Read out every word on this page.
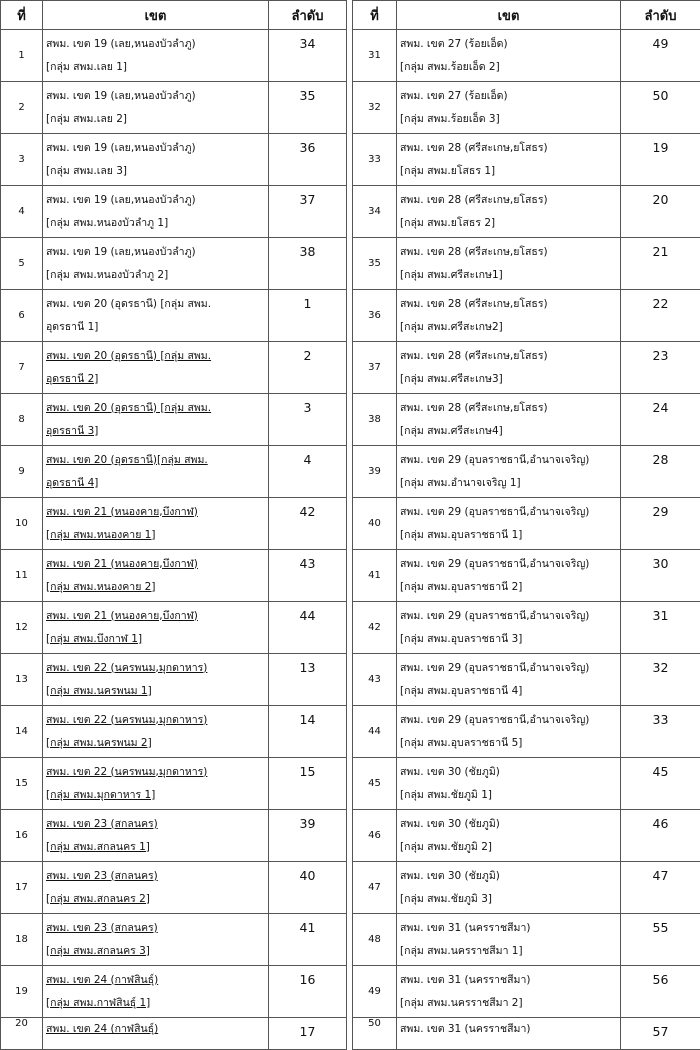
ที่	เขต	ลำดับ
1	สพม. เขต 19 (เลย,หนองบัวลำภู)
[กลุ่ม สพม.เลย 1]	34
2	สพม. เขต 19 (เลย,หนองบัวลำภู)
[กลุ่ม สพม.เลย 2]	35
3	สพม. เขต 19 (เลย,หนองบัวลำภู)
[กลุ่ม สพม.เลย 3]	36
4	สพม. เขต 19 (เลย,หนองบัวลำภู)
[กลุ่ม สพม.หนองบัวลำภู 1]	37
5	สพม. เขต 19 (เลย,หนองบัวลำภู)
[กลุ่ม สพม.หนองบัวลำภู 2]	38
6	สพม. เขต 20 (อุดรธานี) [กลุ่ม สพม.
อุดรธานี 1]	1
7	สพม. เขต 20 (อุดรธานี) [กลุ่ม สพม.
อุดรธานี 2]	2
8	สพม. เขต 20 (อุดรธานี) [กลุ่ม สพม.
อุดรธานี 3]	3
9	สพม. เขต 20 (อุดรธานี)[กลุ่ม สพม.
อุดรธานี 4]	4
10	สพม. เขต 21 (หนองคาย,บึงกาฬ)
[กลุ่ม สพม.หนองคาย 1]	42
11	สพม. เขต 21 (หนองคาย,บึงกาฬ)
[กลุ่ม สพม.หนองคาย 2]	43
12	สพม. เขต 21 (หนองคาย,บึงกาฬ)
[กลุ่ม สพม.บึงกาฬ 1]	44
13	สพม. เขต 22 (นครพนม,มุกดาหาร)
[กลุ่ม สพม.นครพนม 1]	13
14	สพม. เขต 22 (นครพนม,มุกดาหาร)
[กลุ่ม สพม.นครพนม 2]	14
15	สพม. เขต 22 (นครพนม,มุกดาหาร)
[กลุ่ม สพม.มุกดาหาร 1]	15
16	สพม. เขต 23 (สกลนคร)
[กลุ่ม สพม.สกลนคร 1]	39
17	สพม. เขต 23 (สกลนคร)
[กลุ่ม สพม.สกลนคร 2]	40
18	สพม. เขต 23 (สกลนคร)
[กลุ่ม สพม.สกลนคร 3]	41
19	สพม. เขต 24 (กาฬสินธุ์)
[กลุ่ม สพม.กาฬสินธุ์ 1]	16
20	สพม. เขต 24 (กาฬสินธุ์)	17
ที่	เขต	ลำดับ
31	สพม. เขต 27 (ร้อยเอ็ด)
[กลุ่ม สพม.ร้อยเอ็ด 2]	49
32	สพม. เขต 27 (ร้อยเอ็ด)
[กลุ่ม สพม.ร้อยเอ็ด 3]	50
33	สพม. เขต 28 (ศรีสะเกษ,ยโสธร)
[กลุ่ม สพม.ยโสธร 1]	19
34	สพม. เขต 28 (ศรีสะเกษ,ยโสธร)
[กลุ่ม สพม.ยโสธร 2]	20
35	สพม. เขต 28 (ศรีสะเกษ,ยโสธร)
[กลุ่ม สพม.ศรีสะเกษ1]	21
36	สพม. เขต 28 (ศรีสะเกษ,ยโสธร)
[กลุ่ม สพม.ศรีสะเกษ2]	22
37	สพม. เขต 28 (ศรีสะเกษ,ยโสธร)
[กลุ่ม สพม.ศรีสะเกษ3]	23
38	สพม. เขต 28 (ศรีสะเกษ,ยโสธร)
[กลุ่ม สพม.ศรีสะเกษ4]	24
39	สพม. เขต 29 (อุบลราชธานี,อำนาจเจริญ)
[กลุ่ม สพม.อำนาจเจริญ 1]	28
40	สพม. เขต 29 (อุบลราชธานี,อำนาจเจริญ)
[กลุ่ม สพม.อุบลราชธานี 1]	29
41	สพม. เขต 29 (อุบลราชธานี,อำนาจเจริญ)
[กลุ่ม สพม.อุบลราชธานี 2]	30
42	สพม. เขต 29 (อุบลราชธานี,อำนาจเจริญ)
[กลุ่ม สพม.อุบลราชธานี 3]	31
43	สพม. เขต 29 (อุบลราชธานี,อำนาจเจริญ)
[กลุ่ม สพม.อุบลราชธานี 4]	32
44	สพม. เขต 29 (อุบลราชธานี,อำนาจเจริญ)
[กลุ่ม สพม.อุบลราชธานี 5]	33
45	สพม. เขต 30 (ชัยภูมิ)
[กลุ่ม สพม.ชัยภูมิ 1]	45
46	สพม. เขต 30 (ชัยภูมิ)
[กลุ่ม สพม.ชัยภูมิ 2]	46
47	สพม. เขต 30 (ชัยภูมิ)
[กลุ่ม สพม.ชัยภูมิ 3]	47
48	สพม. เขต 31 (นครราชสีมา)
[กลุ่ม สพม.นครราชสีมา 1]	55
49	สพม. เขต 31 (นครราชสีมา)
[กลุ่ม สพม.นครราชสีมา 2]	56
50	สพม. เขต 31 (นครราชสีมา)	57
